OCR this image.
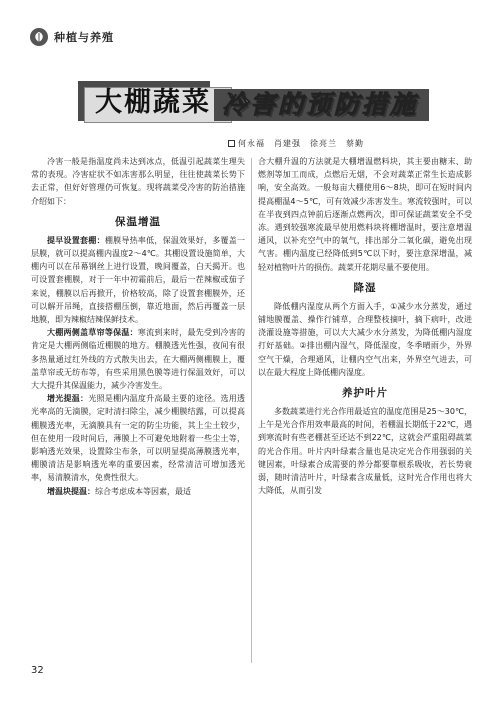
种植与养殖
大棚蔬菜 冷害的预防措施
何永福　肖建强　徐亮兰　蔡勤

冷害一般是指温度尚未达到冰点，低温引起蔬菜生理失常的表现。冷害症状不如冻害那么明显，往往使蔬菜长势下去正常，但好好管理仍可恢复。现将蔬菜受冷害的防治措施介绍如下：

保温增温

提早设置套棚：棚膜导热率低，保温效果好，多覆盖一层膜，就可以提高棚内温度2～4℃。其棚设置设施简单，大棚内可以在吊幕钢丝上进行设置，晚间覆盖，白天揭开。也可设置套棚膜，对于一年中初霜前后，最后一茬辣椒或茄子来说，棚膜以后再掀开，价格较高，除了设置套棚膜外，还可以解开吊绳，直接搭棚压倒，靠近地面，然后再覆盖一层地膜，即为辣椒结辣保鲜技术。

大棚两侧盖草帘等保温：寒流到来时，最先受到冷害的肯定是大棚两侧临近棚膜的地方。棚膜透光性强，夜间有很多热量通过红外线的方式散失出去，在大棚两侧棚膜上，覆盖草帘或无纺布等，有些采用黑色膜等进行保温效好，可以大大提升其保温能力，减少冷害发生。

增光提温：光照是棚内温度升高最主要的途径。选用透光率高的无滴膜，定时清扫除尘，减少棚膜结露，可以提高棚膜透光率，无滴膜具有一定的防尘功能，其上尘土较少，但在使用一段时间后，薄膜上不可避免地附着一些尘土等，影响透光效果，设置除尘布条，可以明显提高薄膜透光率，棚膜清洁是影响透光率的重要因素，经常清洁可增加透光率，易清膜清水，免费性很大。

增温块提温：综合考虑成本等因素，最适

合大棚升温的方法就是大棚增温燃料块，其主要由糖末、助燃剂等加工而成，点燃后无烟，不会对蔬菜正常生长造成影响，安全高效。一般每亩大棚使用6～8块，即可在短时间内提高棚温4～5℃，可有效减少冻害发生。寒流较强时，可以在半夜到四点钟前后逐渐点燃两次，即可保证蔬菜安全不受冻。遇到较强寒流最早使用燃料块将棚增温时，要注意增温通风，以补充空气中的氧气，排出部分二氧化碳，避免出现气害。棚内温度已经降低到5℃以下时，要注意深增温，减轻对植物叶片的损伤。蔬菜开花期尽量不要使用。

降湿

降低棚内湿度从两个方面入手，①减少水分蒸发，通过铺地膜覆盖、操作行铺草，合理整枝摘叶，摘下病叶，改进浇灌设施等措施，可以大大减少水分蒸发，为降低棚内湿度打好基础。②排出棚内湿气，降低湿度，冬季晴雨少，外界空气干燥，合理通风，让棚内空气出来，外界空气进去，可以在最大程度上降低棚内湿度。

养护叶片

多数蔬菜进行光合作用最适宜的温度范围是25～30℃，上午是光合作用效率最高的时间，若棚温长期低于22℃，遇到寒流时有些老棚甚至还达不到22℃，这就会严重阻碍蔬菜的光合作用。叶片内叶绿素含量也是决定光合作用强弱的关键因素，叶绿素合成需要的养分都要靠根系吸收，若长势衰弱，随时清洁叶片，叶绿素含成量低，这时光合作用也将大大降低，从而引发

32
